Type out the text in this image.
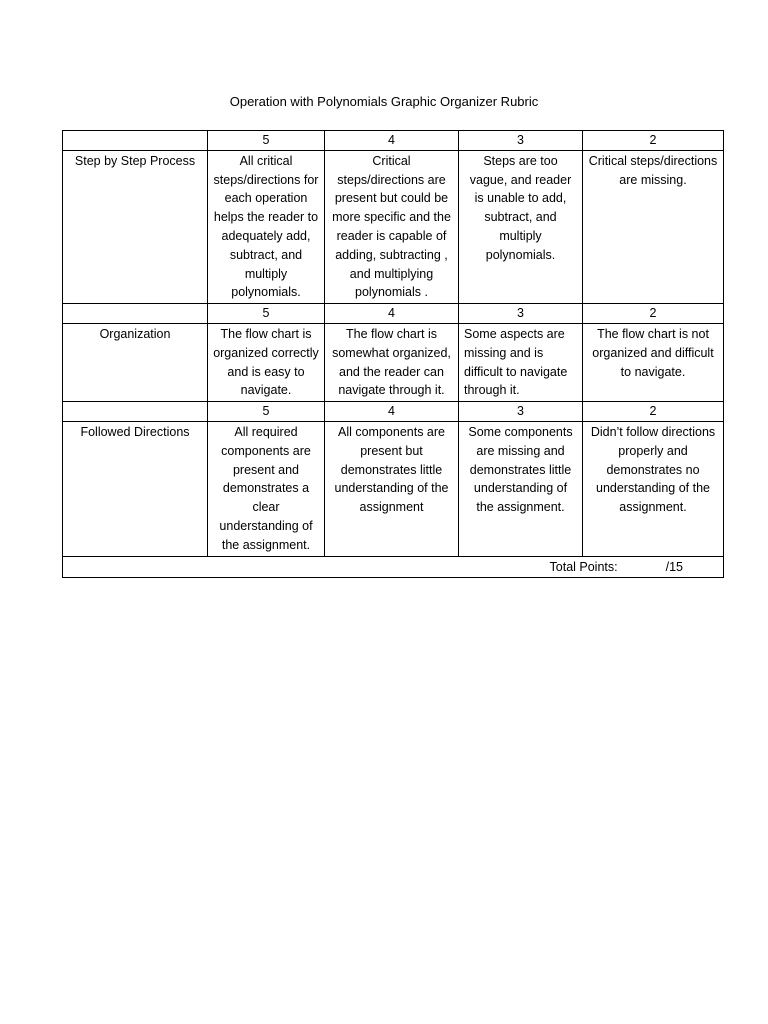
Operation with Polynomials Graphic Organizer Rubric
	5	4	3	2
Step by Step Process	All critical steps/directions for each operation helps the reader to adequately add, subtract, and multiply polynomials.	Critical steps/directions are present but could be more specific and the reader is capable of adding, subtracting , and multiplying polynomials .	Steps are too vague, and reader is unable to add, subtract, and multiply polynomials.	Critical steps/directions are missing.
	5	4	3	2
Organization	The flow chart is organized correctly and is easy to navigate.	The flow chart is somewhat organized, and the reader can navigate through it.	Some aspects are missing and is difficult to navigate through it.	The flow chart is not organized and difficult to navigate.
	5	4	3	2
Followed Directions	All required components are present and demonstrates a clear understanding of the assignment.	All components are present but demonstrates little understanding of the assignment	Some components are missing and demonstrates little understanding of the assignment.	Didn’t follow directions properly and demonstrates no understanding of the assignment.
Total Points: /15				
